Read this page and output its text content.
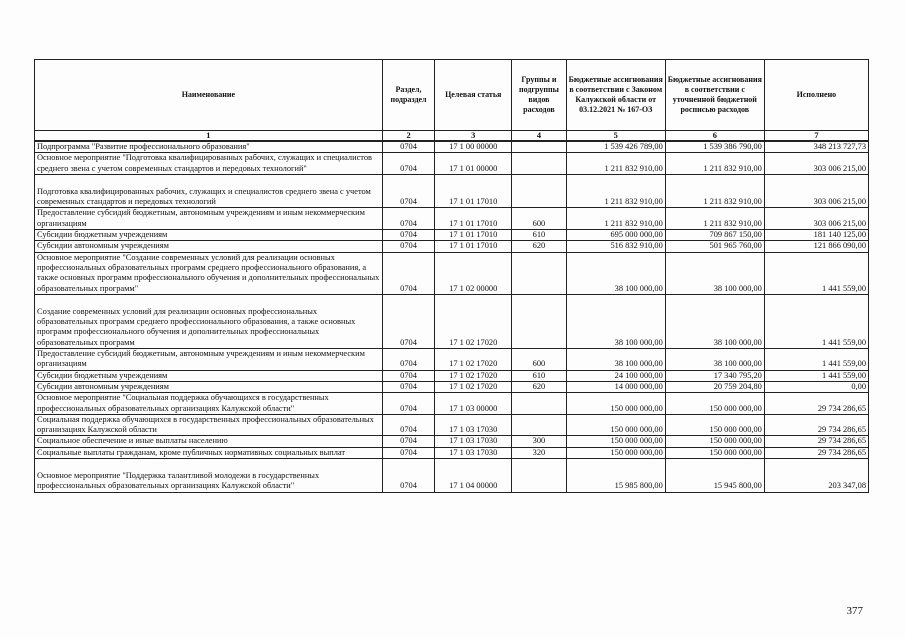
Наименование	Раздел, подраздел	Целевая статья	Группы и подгруппы видов расходов	Бюджетные ассигнования в соответствии с Законом Калужской области от 03.12.2021 № 167-ОЗ	Бюджетные ассигнования в соответствии с уточненной бюджетной росписью расходов	Исполнено
1	2	3	4	5	6	7
Подпрограмма "Развитие профессионального образования"	0704	17 1 00 00000		1 539 426 789,00	1 539 386 790,00	348 213 727,73
Основное мероприятие "Подготовка квалифицированных рабочих, служащих и специалистов среднего звена с учетом современных стандартов и передовых технологий"	0704	17 1 01 00000		1 211 832 910,00	1 211 832 910,00	303 006 215,00
Подготовка квалифицированных рабочих, служащих и специалистов среднего звена с учетом современных стандартов и передовых технологий	0704	17 1 01 17010		1 211 832 910,00	1 211 832 910,00	303 006 215,00
Предоставление субсидий бюджетным, автономным учреждениям и иным некоммерческим организациям	0704	17 1 01 17010	600	1 211 832 910,00	1 211 832 910,00	303 006 215,00
Субсидии бюджетным учреждениям	0704	17 1 01 17010	610	695 000 000,00	709 867 150,00	181 140 125,00
Субсидии автономным учреждениям	0704	17 1 01 17010	620	516 832 910,00	501 965 760,00	121 866 090,00
Основное мероприятие "Создание современных условий для реализации основных профессиональных образовательных программ среднего профессионального образования, а также основных программ профессионального обучения и дополнительных профессиональных образовательных программ"	0704	17 1 02 00000		38 100 000,00	38 100 000,00	1 441 559,00
Создание современных условий для реализации основных профессиональных образовательных программ среднего профессионального образования, а также основных программ профессионального обучения и дополнительных профессиональных образовательных программ	0704	17 1 02 17020		38 100 000,00	38 100 000,00	1 441 559,00
Предоставление субсидий бюджетным, автономным учреждениям и иным некоммерческим организациям	0704	17 1 02 17020	600	38 100 000,00	38 100 000,00	1 441 559,00
Субсидии бюджетным учреждениям	0704	17 1 02 17020	610	24 100 000,00	17 340 795,20	1 441 559,00
Субсидии автономным учреждениям	0704	17 1 02 17020	620	14 000 000,00	20 759 204,80	0,00
Основное мероприятие "Социальная поддержка обучающихся в государственных профессиональных образовательных организациях Калужской области"	0704	17 1 03 00000		150 000 000,00	150 000 000,00	29 734 286,65
Социальная поддержка обучающихся в государственных профессиональных образовательных организациях Калужской области	0704	17 1 03 17030		150 000 000,00	150 000 000,00	29 734 286,65
Социальное обеспечение и иные выплаты населению	0704	17 1 03 17030	300	150 000 000,00	150 000 000,00	29 734 286,65
Социальные выплаты гражданам, кроме публичных нормативных социальных выплат	0704	17 1 03 17030	320	150 000 000,00	150 000 000,00	29 734 286,65
Основное мероприятие "Поддержка талантливой молодежи в государственных профессиональных образовательных организациях Калужской области"	0704	17 1 04 00000		15 985 800,00	15 945 800,00	203 347,08
377
